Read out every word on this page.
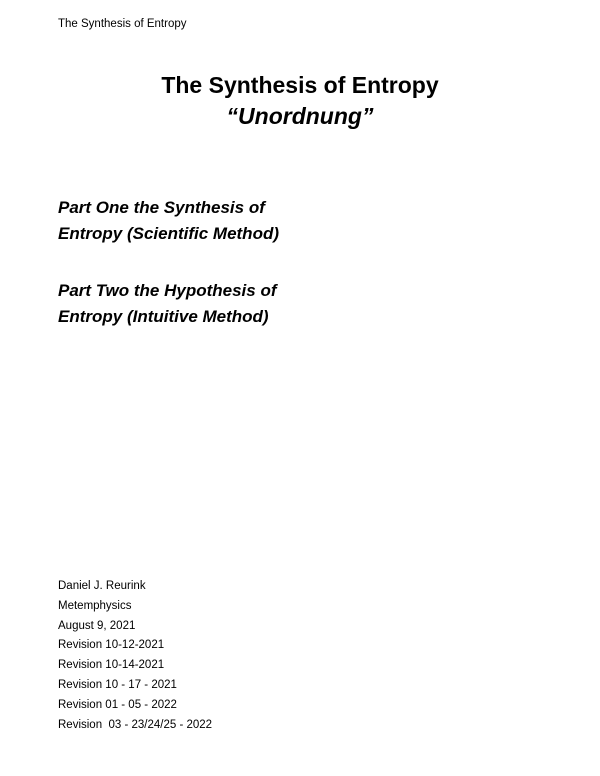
The Synthesis of Entropy
The Synthesis of Entropy
“Unordnung”
Part One the Synthesis of
Entropy (Scientific Method)
Part Two the Hypothesis of
Entropy (Intuitive Method)
Daniel J. Reurink
Metemphysics
August 9, 2021
Revision 10-12-2021
Revision 10-14-2021
Revision 10 - 17 - 2021
Revision 01 - 05 - 2022
Revision  03 - 23/24/25 - 2022
